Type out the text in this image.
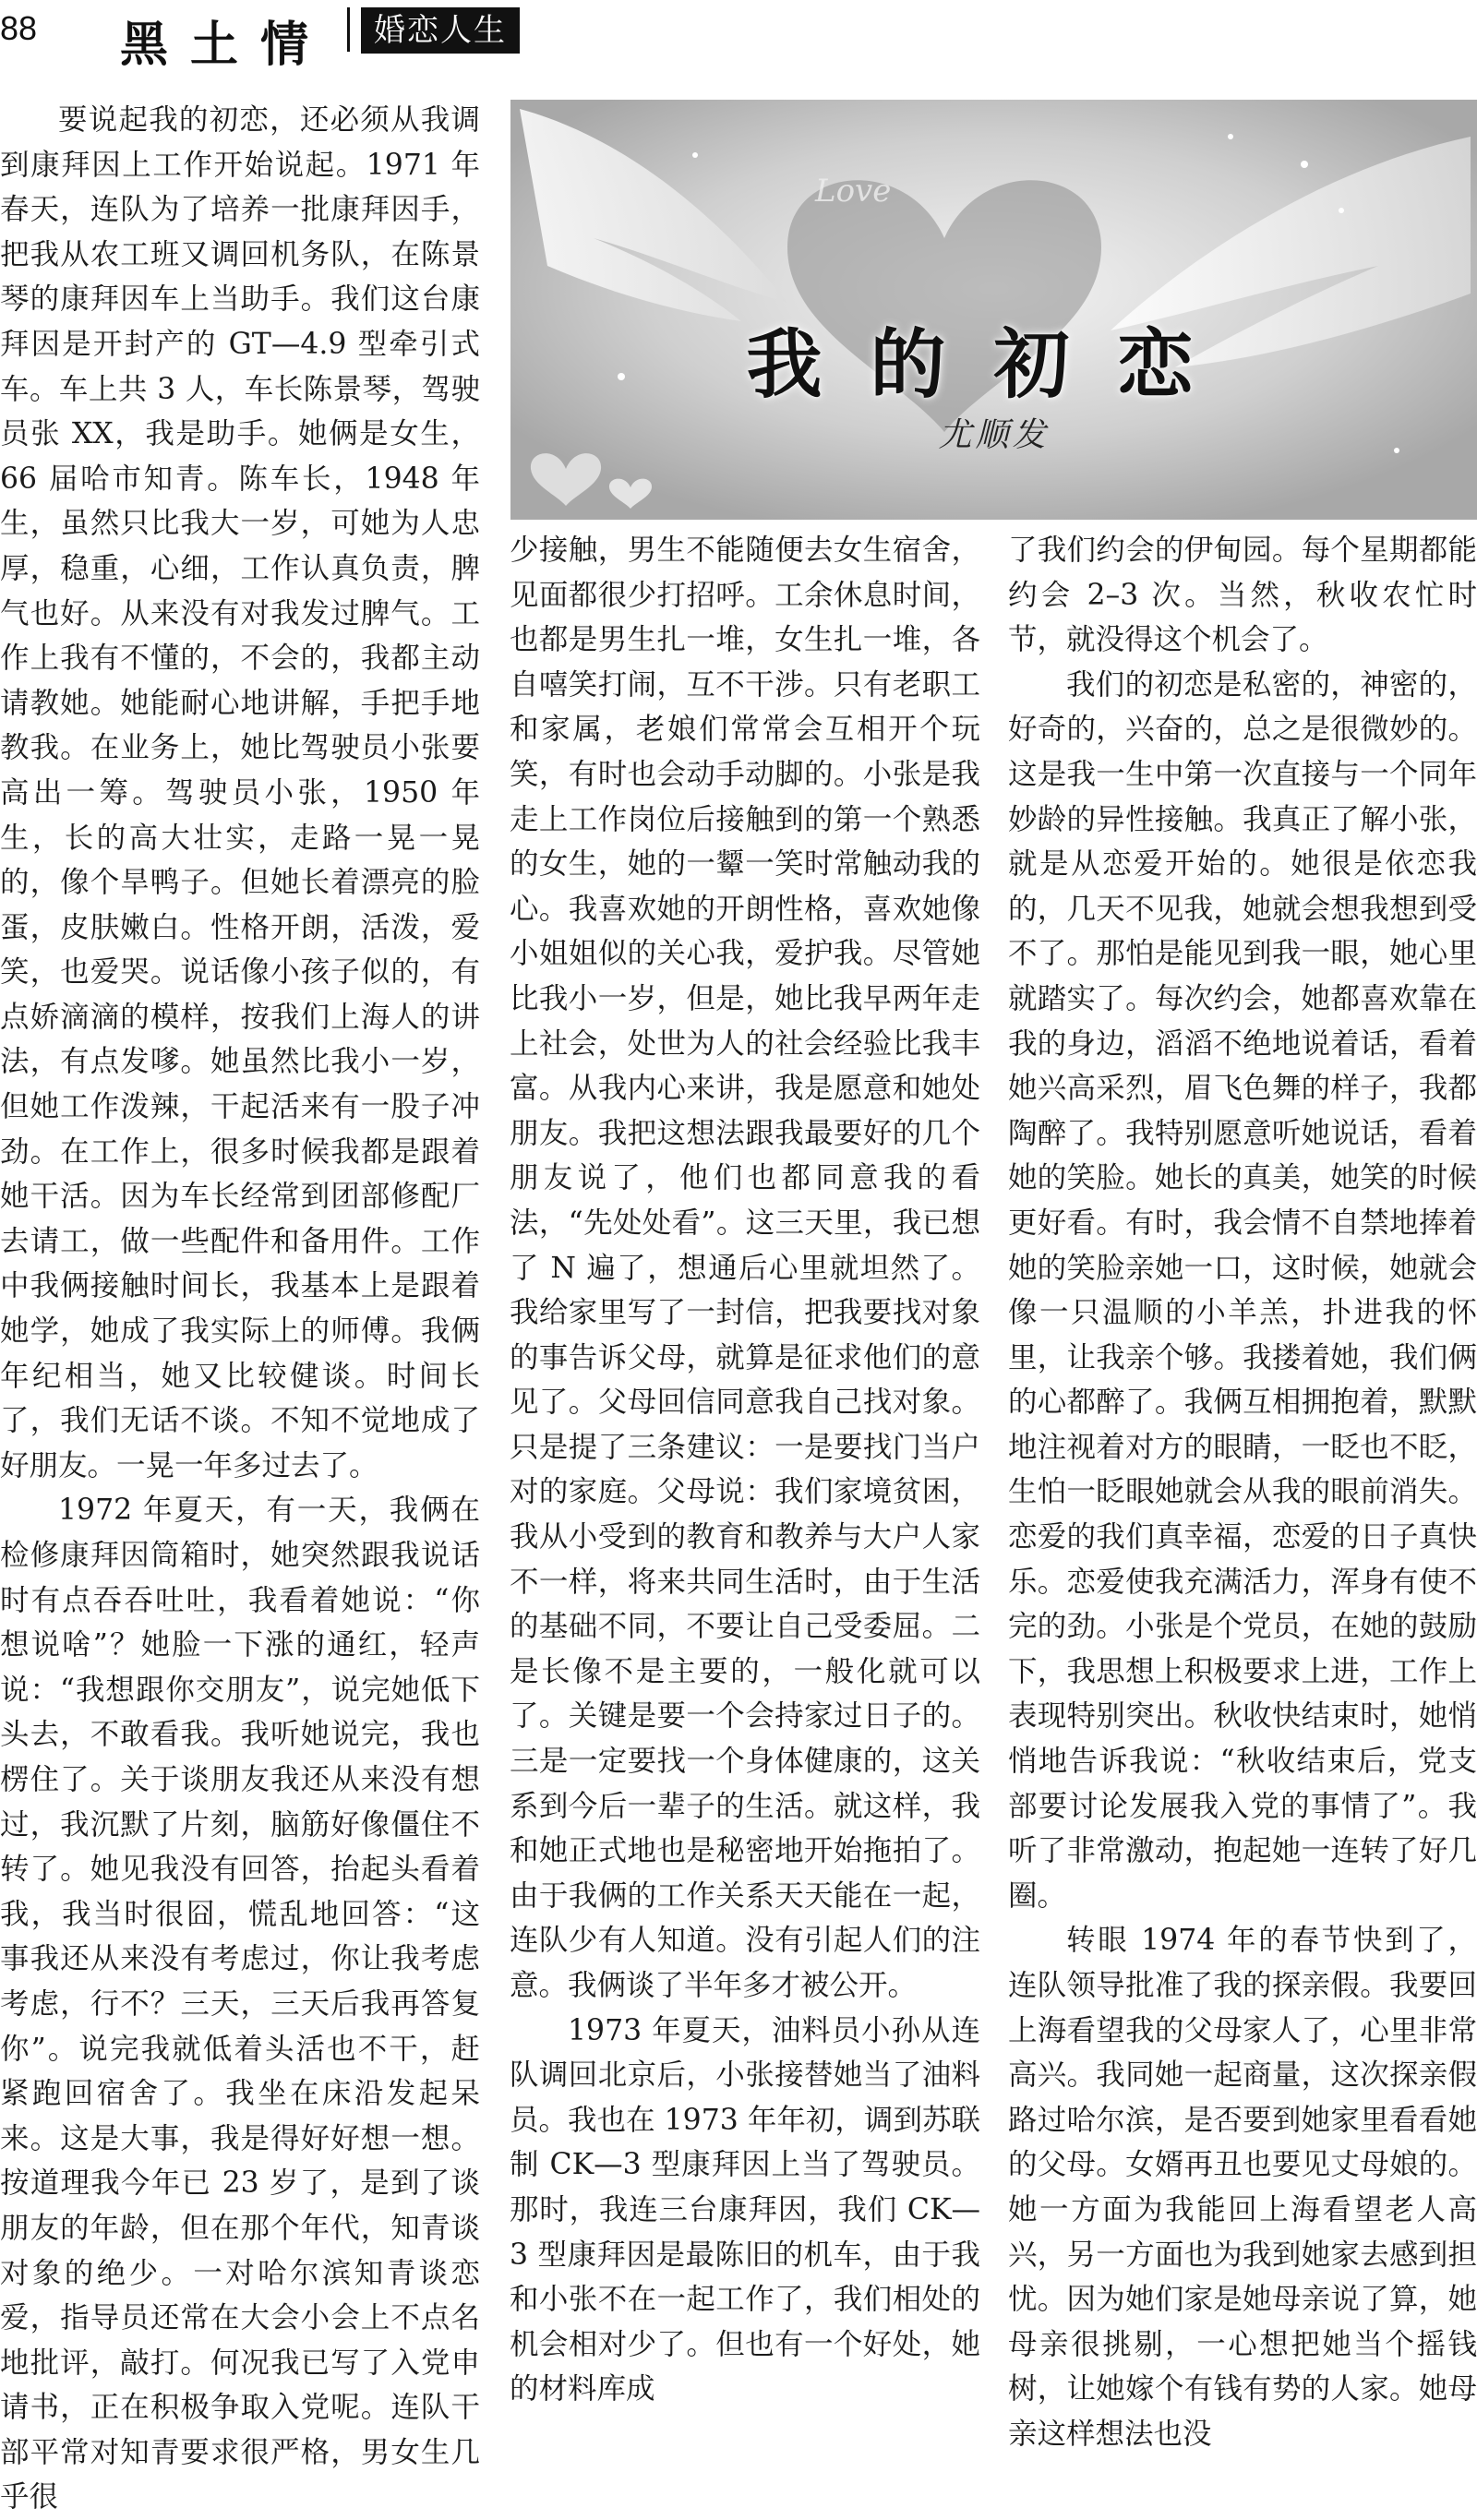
88 黑土情	婚恋人生
Love
我的初恋
尤顺发

要说起我的初恋，还必须从我调到康拜因上工作开始说起。1971 年春天，连队为了培养一批康拜因手，把我从农工班又调回机务队，在陈景琴的康拜因车上当助手。我们这台康拜因是开封产的 GT—4.9 型牵引式车。车上共 3 人，车长陈景琴，驾驶员张 XX，我是助手。她俩是女生，66 届哈市知青。陈车长，1948 年生，虽然只比我大一岁，可她为人忠厚，稳重，心细，工作认真负责，脾气也好。从来没有对我发过脾气。工作上我有不懂的，不会的，我都主动请教她。她能耐心地讲解，手把手地教我。在业务上，她比驾驶员小张要高出一筹。驾驶员小张，1950 年生，长的高大壮实，走路一晃一晃的，像个旱鸭子。但她长着漂亮的脸蛋，皮肤嫩白。性格开朗，活泼，爱笑，也爱哭。说话像小孩子似的，有点娇滴滴的模样，按我们上海人的讲法，有点发嗲。她虽然比我小一岁，但她工作泼辣，干起活来有一股子冲劲。在工作上，很多时候我都是跟着她干活。因为车长经常到团部修配厂去请工，做一些配件和备用件。工作中我俩接触时间长，我基本上是跟着她学，她成了我实际上的师傅。我俩年纪相当，她又比较健谈。时间长了，我们无话不谈。不知不觉地成了好朋友。一晃一年多过去了。

1972 年夏天，有一天，我俩在检修康拜因筒箱时，她突然跟我说话时有点吞吞吐吐，我看着她说：“你想说啥”？她脸一下涨的通红，轻声说：“我想跟你交朋友”，说完她低下头去，不敢看我。我听她说完，我也楞住了。关于谈朋友我还从来没有想过，我沉默了片刻，脑筋好像僵住不转了。她见我没有回答，抬起头看着我，我当时很囧，慌乱地回答：“这事我还从来没有考虑过，你让我考虑考虑，行不？三天，三天后我再答复你”。说完我就低着头活也不干，赶紧跑回宿舍了。我坐在床沿发起呆来。这是大事，我是得好好想一想。按道理我今年已 23 岁了，是到了谈朋友的年龄，但在那个年代，知青谈对象的绝少。一对哈尔滨知青谈恋爱，指导员还常在大会小会上不点名地批评，敲打。何况我已写了入党申请书，正在积极争取入党呢。连队干部平常对知青要求很严格，男女生几乎很

少接触，男生不能随便去女生宿舍，见面都很少打招呼。工余休息时间，也都是男生扎一堆，女生扎一堆，各自嘻笑打闹，互不干涉。只有老职工和家属，老娘们常常会互相开个玩笑，有时也会动手动脚的。小张是我走上工作岗位后接触到的第一个熟悉的女生，她的一颦一笑时常触动我的心。我喜欢她的开朗性格，喜欢她像小姐姐似的关心我，爱护我。尽管她比我小一岁，但是，她比我早两年走上社会，处世为人的社会经验比我丰富。从我内心来讲，我是愿意和她处朋友。我把这想法跟我最要好的几个朋友说了，他们也都同意我的看法，“先处处看”。这三天里，我已想了 N 遍了，想通后心里就坦然了。我给家里写了一封信，把我要找对象的事告诉父母，就算是征求他们的意见了。父母回信同意我自己找对象。只是提了三条建议：一是要找门当户对的家庭。父母说：我们家境贫困，我从小受到的教育和教养与大户人家不一样，将来共同生活时，由于生活的基础不同，不要让自己受委屈。二是长像不是主要的，一般化就可以了。关键是要一个会持家过日子的。三是一定要找一个身体健康的，这关系到今后一辈子的生活。就这样，我和她正式地也是秘密地开始拖拍了。由于我俩的工作关系天天能在一起，连队少有人知道。没有引起人们的注意。我俩谈了半年多才被公开。

1973 年夏天，油料员小孙从连队调回北京后，小张接替她当了油料员。我也在 1973 年年初，调到苏联制 CK—3 型康拜因上当了驾驶员。那时，我连三台康拜因，我们 CK—3 型康拜因是最陈旧的机车，由于我和小张不在一起工作了，我们相处的机会相对少了。但也有一个好处，她的材料库成

了我们约会的伊甸园。每个星期都能约会 2–3 次。当然，秋收农忙时节，就没得这个机会了。

我们的初恋是私密的，神密的，好奇的，兴奋的，总之是很微妙的。这是我一生中第一次直接与一个同年妙龄的异性接触。我真正了解小张，就是从恋爱开始的。她很是依恋我的，几天不见我，她就会想我想到受不了。那怕是能见到我一眼，她心里就踏实了。每次约会，她都喜欢靠在我的身边，滔滔不绝地说着话，看着她兴高采烈，眉飞色舞的样子，我都陶醉了。我特别愿意听她说话，看着她的笑脸。她长的真美，她笑的时候更好看。有时，我会情不自禁地捧着她的笑脸亲她一口，这时候，她就会像一只温顺的小羊羔，扑进我的怀里，让我亲个够。我搂着她，我们俩的心都醉了。我俩互相拥抱着，默默地注视着对方的眼睛，一眨也不眨，生怕一眨眼她就会从我的眼前消失。恋爱的我们真幸福，恋爱的日子真快乐。恋爱使我充满活力，浑身有使不完的劲。小张是个党员，在她的鼓励下，我思想上积极要求上进，工作上表现特别突出。秋收快结束时，她悄悄地告诉我说：“秋收结束后，党支部要讨论发展我入党的事情了”。我听了非常激动，抱起她一连转了好几圈。

转眼 1974 年的春节快到了，连队领导批准了我的探亲假。我要回上海看望我的父母家人了，心里非常高兴。我同她一起商量，这次探亲假路过哈尔滨，是否要到她家里看看她的父母。女婿再丑也要见丈母娘的。她一方面为我能回上海看望老人高兴，另一方面也为我到她家去感到担忧。因为她们家是她母亲说了算，她母亲很挑剔，一心想把她当个摇钱树，让她嫁个有钱有势的人家。她母亲这样想法也没
